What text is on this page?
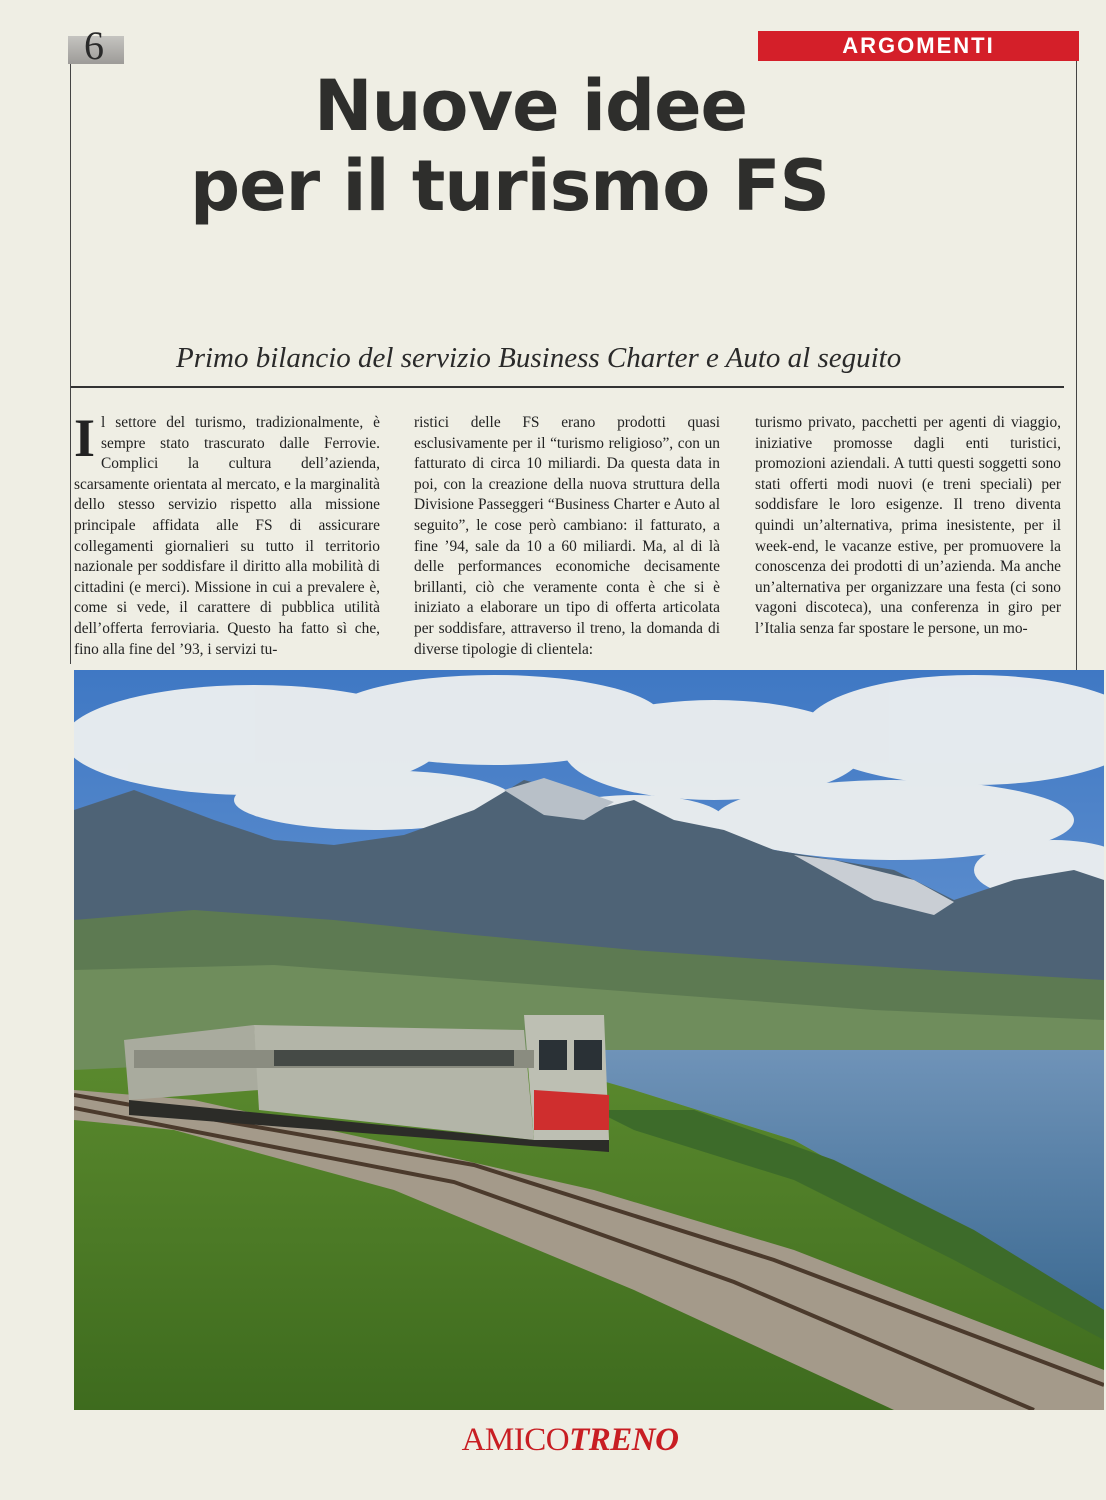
6	ARGOMENTI
Nuove idee
per il turismo FS
Primo bilancio del servizio Business Charter e Auto al seguito
I l settore del turismo, tradizionalmente, è sempre stato trascurato dalle Ferrovie. Complici la cultura dell’azienda, scarsamente orientata al mercato, e la marginalità dello stesso servizio rispetto alla missione principale affidata alle FS di assicurare collegamenti giornalieri su tutto il territorio nazionale per soddisfare il diritto alla mobilità di cittadini (e merci). Missione in cui a prevalere è, come si vede, il carattere di pubblica utilità dell’offerta ferroviaria. Questo ha fatto sì che, fino alla fine del ’93, i servizi tu-

ristici delle FS erano prodotti quasi esclusivamente per il “turismo religioso”, con un fatturato di circa 10 miliardi. Da questa data in poi, con la creazione della nuova struttura della Divisione Passeggeri “Business Charter e Auto al seguito”, le cose però cambiano: il fatturato, a fine ’94, sale da 10 a 60 miliardi. Ma, al di là delle performances economiche decisamente brillanti, ciò che veramente conta è che si è iniziato a elaborare un tipo di offerta articolata per soddisfare, attraverso il treno, la domanda di diverse tipologie di clientela:

turismo privato, pacchetti per agenti di viaggio, iniziative promosse dagli enti turistici, promozioni aziendali. A tutti questi soggetti sono stati offerti modi nuovi (e treni speciali) per soddisfare le loro esigenze. Il treno diventa quindi un’alternativa, prima inesistente, per il week-end, le vacanze estive, per promuovere la conoscenza dei prodotti di un’azienda. Ma anche un’alternativa per organizzare una festa (ci sono vagoni discoteca), una conferenza in giro per l’Italia senza far spostare le persone, un mo-

AMICOTRENO
